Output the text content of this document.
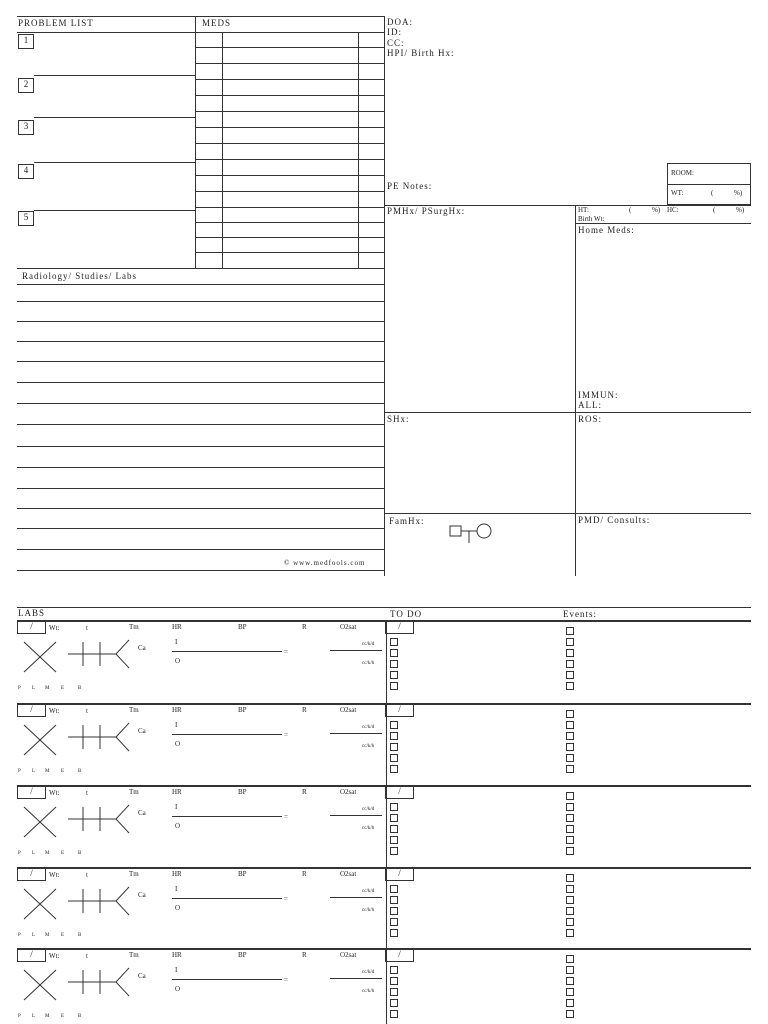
PROBLEM LIST	MEDS
1
2
3
4
5
Radiology/ Studies/ Labs
© www.medfools.com
DOA:
ID:
CC:
HPI/ Birth Hx:
PE Notes:
ROOM:
WT:	(	%)
PMHx/ PSurgHx:	HT:	(	%) HC:	(	%)
Birth Wt:
Home Meds:
IMMUN:
ALL:
SHx:	ROS:
FamHx:	PMD/ Consults:
LABS	TO DO	Events:
/	Wt:	t	Tm	HR	BP	R	O2sat
Ca
I
O
=
cc/k/d
cc/k/h
P L M E	B
/
/	Wt:	t	Tm	HR	BP	R	O2sat
Ca
I
O
=
cc/k/d
cc/k/h
P L M E	B
/
/	Wt:	t	Tm	HR	BP	R	O2sat
Ca
I
O
=
cc/k/d
cc/k/h
P L M E	B
/
/	Wt:	t	Tm	HR	BP	R	O2sat
Ca
I
O
=
cc/k/d
cc/k/h
P L M E	B
/
/	Wt:	t	Tm	HR	BP	R	O2sat
Ca
I
O
=
cc/k/d
cc/k/h
P L M E	B
/
